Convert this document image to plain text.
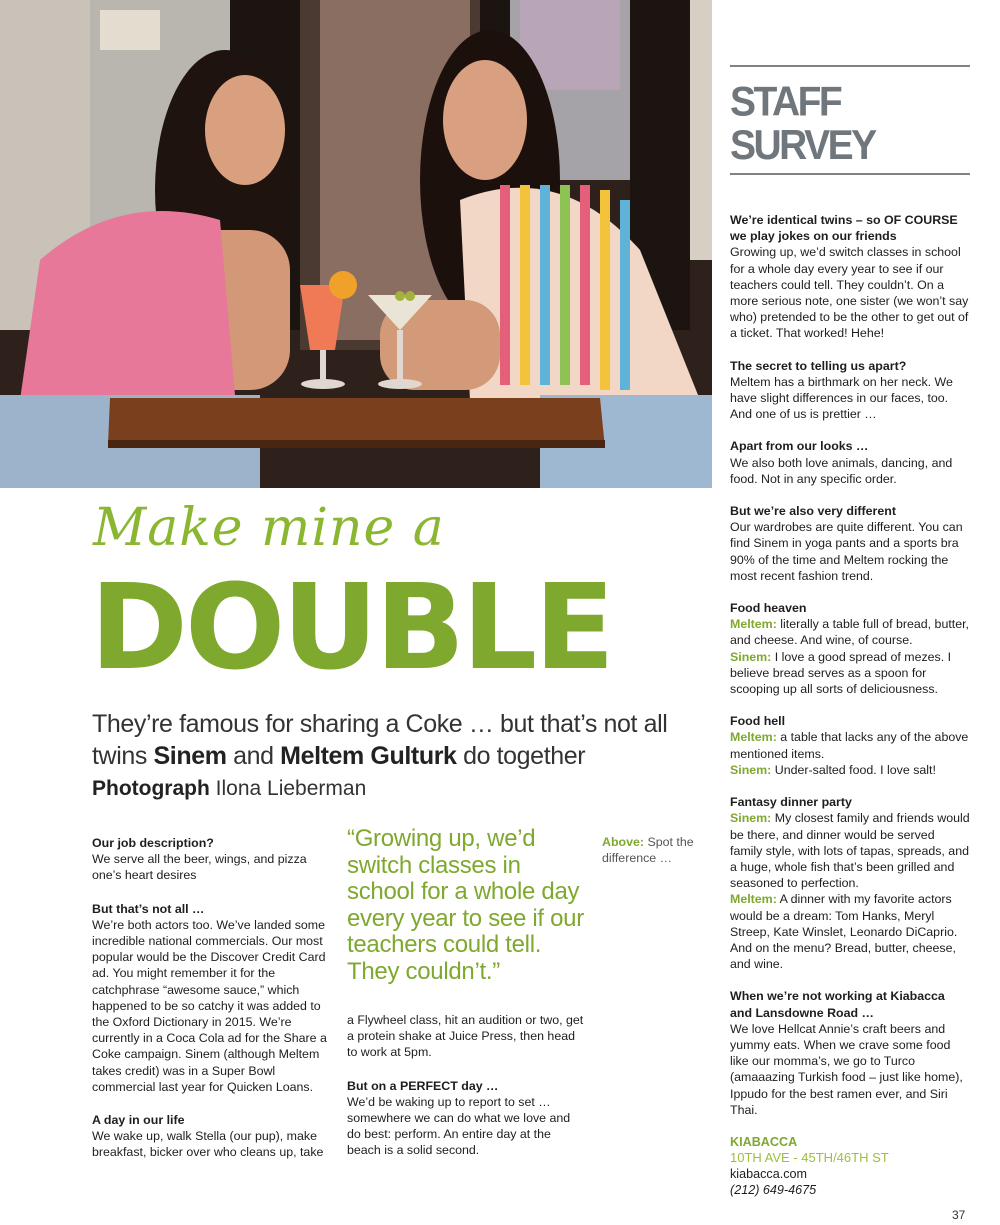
STAFF SURVEY
We’re identical twins – so OF COURSE we play jokes on our friends
Growing up, we’d switch classes in school for a whole day every year to see if our teachers could tell. They couldn’t. On a more serious note, one sister (we won’t say who) pretended to be the other to get out of a ticket. That worked! Hehe!
The secret to telling us apart?
Meltem has a birthmark on her neck. We have slight differences in our faces, too. And one of us is prettier …
Apart from our looks …
We also both love animals, dancing, and food. Not in any specific order.
But we’re also very different
Our wardrobes are quite different. You can find Sinem in yoga pants and a sports bra 90% of the time and Meltem rocking the most recent fashion trend.
Food heaven
Meltem: literally a table full of bread, butter, and cheese. And wine, of course.
Sinem: I love a good spread of mezes. I believe bread serves as a spoon for scooping up all sorts of deliciousness.
Food hell
Meltem: a table that lacks any of the above mentioned items.
Sinem: Under-salted food. I love salt!
Fantasy dinner party
Sinem: My closest family and friends would be there, and dinner would be served family style, with lots of tapas, spreads, and a huge, whole fish that’s been grilled and seasoned to perfection.
Meltem: A dinner with my favorite actors would be a dream: Tom Hanks, Meryl Streep, Kate Winslet, Leonardo DiCaprio. And on the menu? Bread, butter, cheese, and wine.
When we’re not working at Kiabacca and Lansdowne Road …
We love Hellcat Annie’s craft beers and yummy eats. When we crave some food like our momma’s, we go to Turco (amaaazing Turkish food – just like home), Ippudo for the best ramen ever, and Siri Thai.
KIABACCA
10TH AVE - 45TH/46TH ST
kiabacca.com
(212) 649-4675
Make mine a
DOUBLE
They’re famous for sharing a Coke … but that’s not all twins Sinem and Meltem Gulturk do together
Photograph Ilona Lieberman
Our job description?
We serve all the beer, wings, and pizza one’s heart desires
But that’s not all …
We’re both actors too. We’ve landed some incredible national commercials. Our most popular would be the Discover Credit Card ad. You might remember it for the catchphrase “awesome sauce,” which happened to be so catchy it was added to the Oxford Dictionary in 2015. We’re currently in a Coca Cola ad for the Share a Coke campaign. Sinem (although Meltem takes credit) was in a Super Bowl commercial last year for Quicken Loans.
A day in our life
We wake up, walk Stella (our pup), make breakfast, bicker over who cleans up, take
“Growing up, we’d switch classes in school for a whole day every year to see if our teachers could tell. They couldn’t.”
a Flywheel class, hit an audition or two, get a protein shake at Juice Press, then head to work at 5pm.
But on a PERFECT day …
We’d be waking up to report to set … somewhere we can do what we love and do best: perform. An entire day at the beach is a solid second.
Above: Spot the difference …
37
